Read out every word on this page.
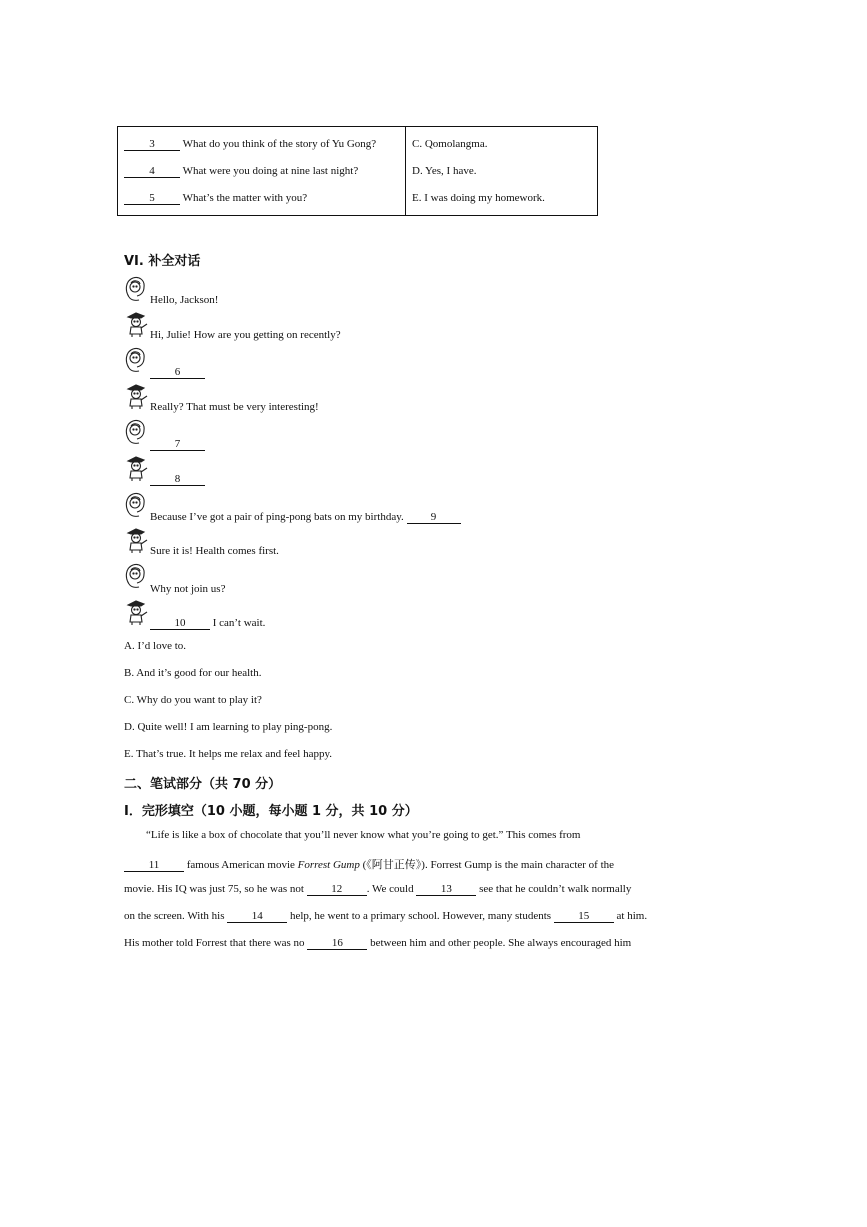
3	What do you think of the story of Yu Gong?	C. Qomolangma.
4	What were you doing at nine last night?	D. Yes, I have.
5	What’s the matter with you?	E. I was doing my homework.
VI. 补全对话
Hello, Jackson!
Hi, Julie! How are you getting on recently?
6
Really? That must be very interesting!
7
8
Because I’ve got a pair of ping-pong bats on my birthday. 9
Sure it is! Health comes first.
Why not join us?
10 I can’t wait.
A. I’d love to.
B. And it’s good for our health.
C. Why do you want to play it?
D. Quite well! I am learning to play ping-pong.
E. That’s true. It helps me relax and feel happy.
二、笔试部分（共 70 分）
Ⅰ．完形填空（10 小题，每小题 1 分，共 10 分）
“Life is like a box of chocolate that you’ll never know what you’re going to get.” This comes from
11 famous American movie Forrest Gump (《阿甘正传》). Forrest Gump is the main character of the
movie. His IQ was just 75, so he was not 12 . We could 13 see that he couldn’t walk normally
on the screen. With his 14 help, he went to a primary school. However, many students 15 at him.
His mother told Forrest that there was no 16 between him and other people. She always encouraged him
